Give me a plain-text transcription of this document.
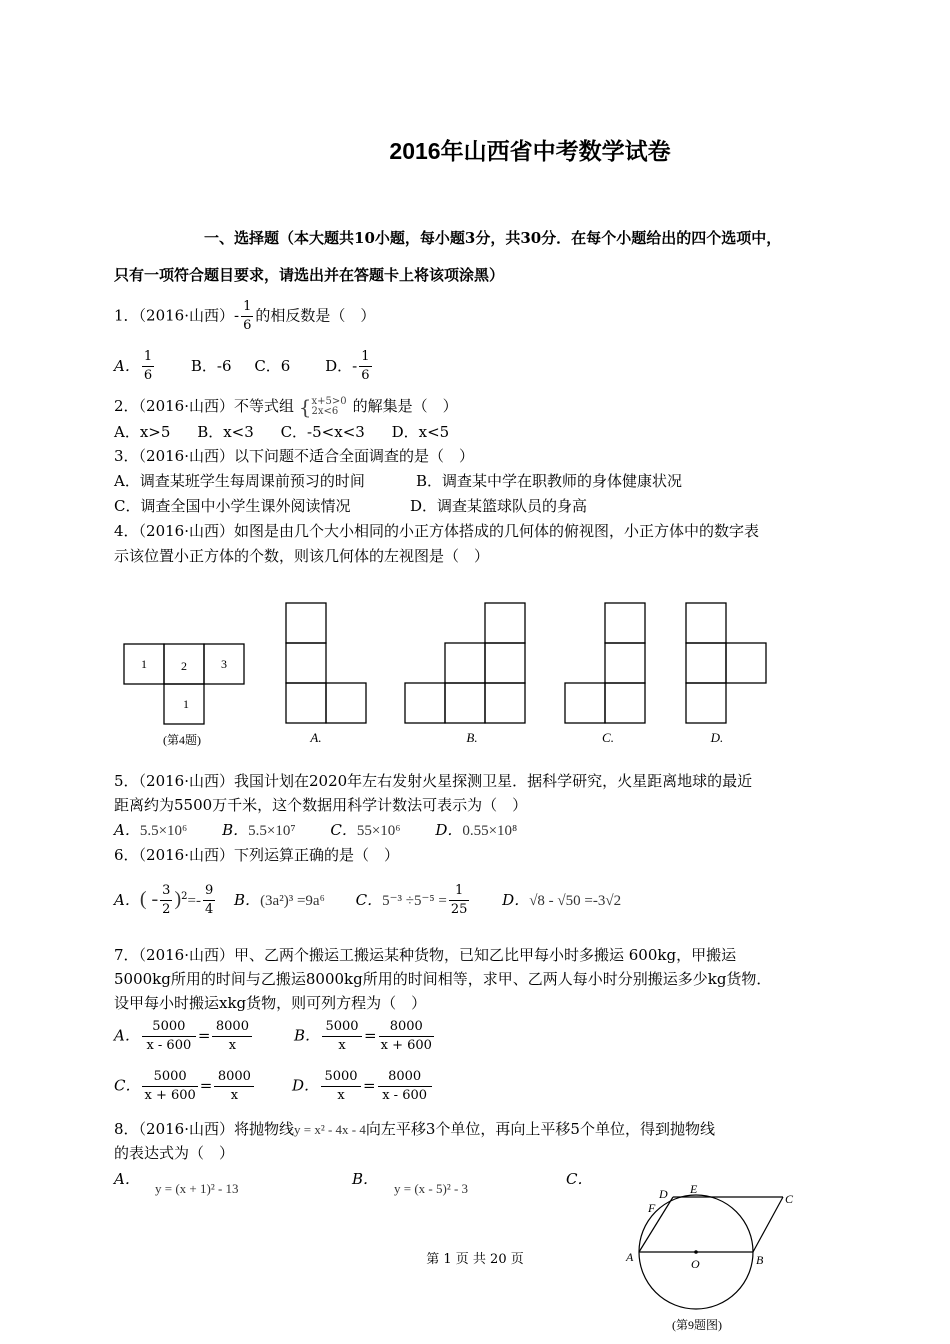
2016年山西省中考数学试卷
一、选择题（本大题共10小题，每小题3分，共30分．在每个小题给出的四个选项中，
只有一项符合题目要求，请选出并在答题卡上将该项涂黑）
1．（2016·山西）- $\frac{1}{6}$ 的相反数是（　）
A． $\frac{1}{6}$ B．-6 C．6 D．- $\frac{1}{6}$
2．（2016·山西）不等式组 { x+5>0
2x<6 的解集是（　）
A．x>5 B．x<3 C．-5<x<3 D．x<5
3．（2016·山西）以下问题不适合全面调查的是（　）
A．调查某班学生每周课前预习的时间	B．调查某中学在职教师的身体健康状况
C．调查全国中小学生课外阅读情况	D．调查某篮球队员的身高
4．（2016·山西）如图是由几个大小相同的小正方体搭成的几何体的俯视图，小正方体中的数字表
示该位置小正方体的个数，则该几何体的左视图是（　）
1	2	3
1
(第4题)	A.	B.	C.	D.
5．（2016·山西）我国计划在2020年左右发射火星探测卫星．据科学研究，火星距离地球的最近
距离约为5500万千米，这个数据用科学计数法可表示为（　）
A．5.5×10⁶ B．5.5×10⁷ C．55×10⁶ D．0.55×10⁸
6．（2016·山西）下列运算正确的是（　）
A．( - $\frac{3}{2} )^2=- \frac{9}{4}$ B．(3a²)³ =9a⁶ C．$5^{-3} \div 5^{-5} = \frac{1}{25}$ D．√8 - √50 =-3√2
7．（2016·山西）甲、乙两个搬运工搬运某种货物，已知乙比甲每小时多搬运 600kg，甲搬运
5000kg所用的时间与乙搬运8000kg所用的时间相等，求甲、乙两人每小时分别搬运多少kg货物．
设甲每小时搬运xkg货物，则可列方程为（　）
A． $\frac{5000}{x - 600} = \frac{8000}{x}$	B． $\frac{5000}{x} = \frac{8000}{x + 600}$
C． $\frac{5000}{x + 600} = \frac{8000}{x}$	D． $\frac{5000}{x} = \frac{8000}{x - 600}$
8．（2016·山西）将抛物线y = x² - 4x - 4向左平移3个单位，再向上平移5个单位，得到抛物线
的表达式为（　）
A．
y = (x + 1)² - 13
B．
y = (x - 5)² - 3
C．
D E
C
F
A	O	B
(第9题图)
第 1 页 共 20 页
